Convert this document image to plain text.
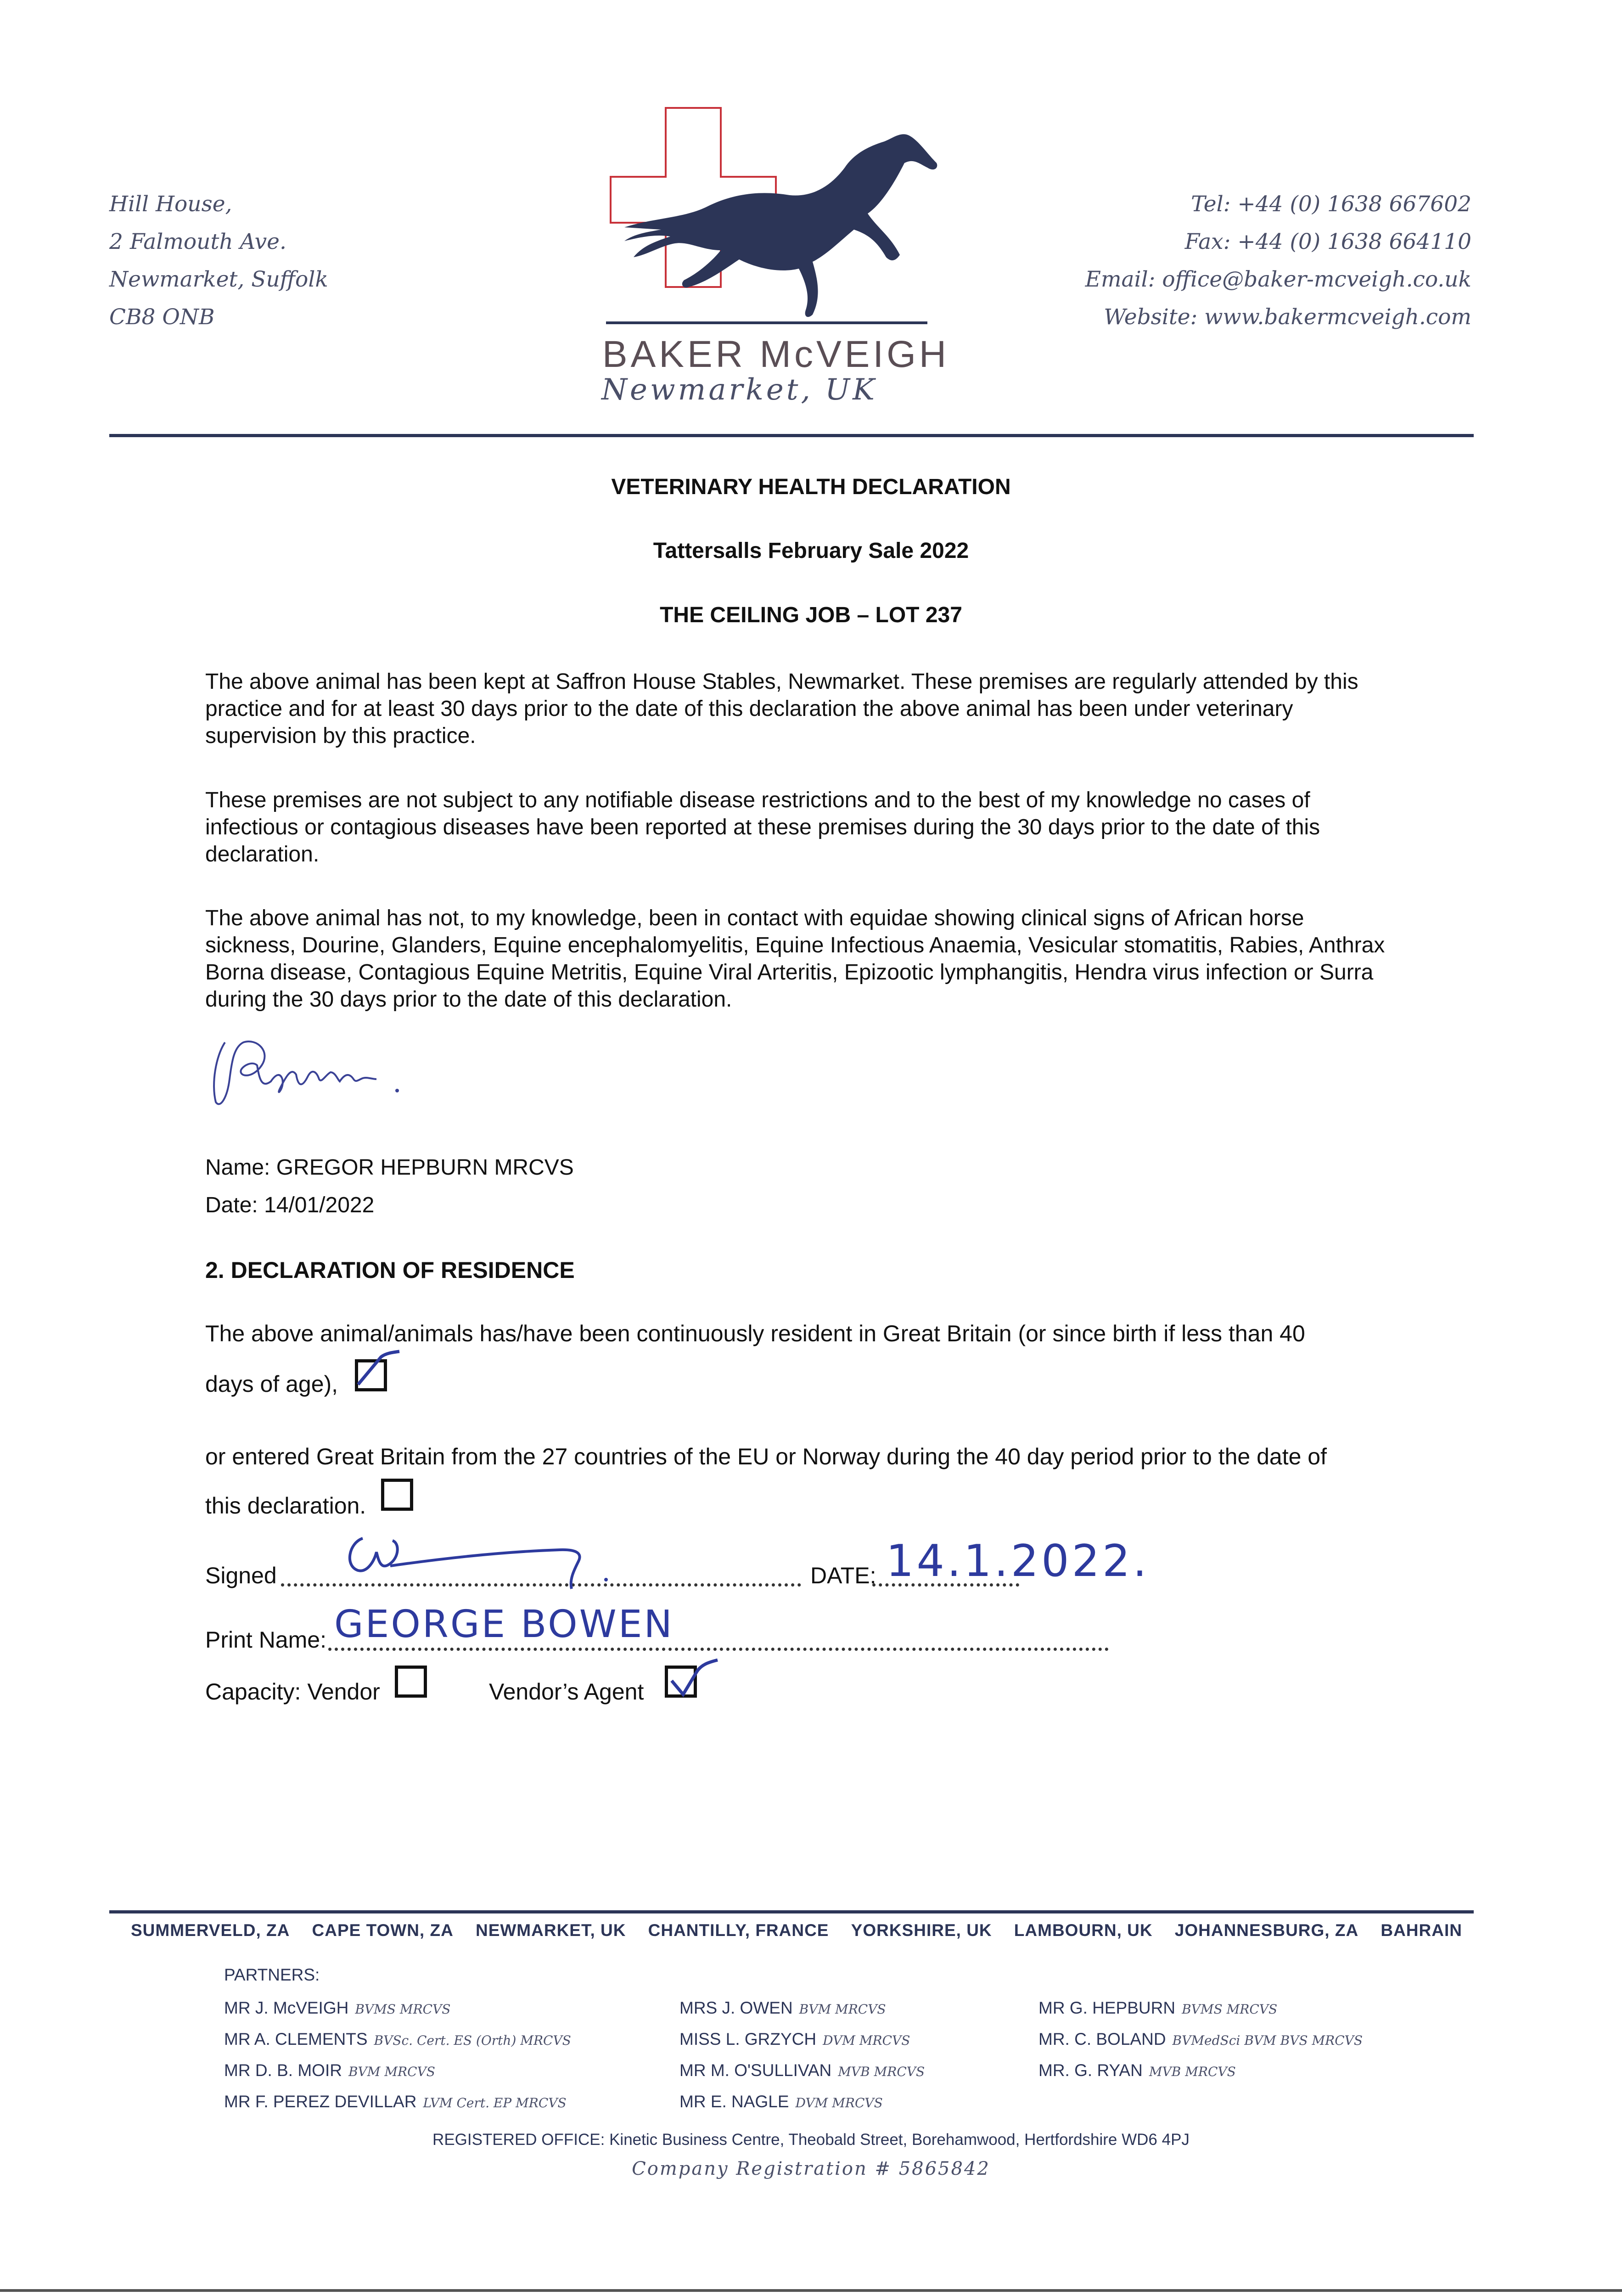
Hill House,
2 Falmouth Ave.
Newmarket, Suffolk
CB8 ONB
BAKER McVEIGH
Newmarket, UK
Tel: +44 (0) 1638 667602
Fax: +44 (0) 1638 664110
Email: office@baker-mcveigh.co.uk
Website: www.bakermcveigh.com
VETERINARY HEALTH DECLARATION
Tattersalls February Sale 2022
THE CEILING JOB – LOT 237
The above animal has been kept at Saffron House Stables, Newmarket. These premises are regularly attended by this practice and for at least 30 days prior to the date of this declaration the above animal has been under veterinary supervision by this practice.
These premises are not subject to any notifiable disease restrictions and to the best of my knowledge no cases of infectious or contagious diseases have been reported at these premises during the 30 days prior to the date of this declaration.
The above animal has not, to my knowledge, been in contact with equidae showing clinical signs of African horse sickness, Dourine, Glanders, Equine encephalomyelitis, Equine Infectious Anaemia, Vesicular stomatitis, Rabies, Anthrax Borna disease, Contagious Equine Metritis, Equine Viral Arteritis, Epizootic lymphangitis, Hendra virus infection or Surra during the 30 days prior to the date of this declaration.
Name: GREGOR HEPBURN MRCVS
Date: 14/01/2022
2. DECLARATION OF RESIDENCE
The above animal/animals has/have been continuously resident in Great Britain (or since birth if less than 40
days of age),
or entered Great Britain from the 27 countries of the EU or Norway during the 40 day period prior to the date of
this declaration.
Signed	DATE: 14.1.2022.
Print Name: GEORGE BOWEN
Capacity: Vendor	Vendor’s Agent
SUMMERVELD, ZA CAPE TOWN, ZA NEWMARKET, UK CHANTILLY, FRANCE YORKSHIRE, UK LAMBOURN, UK JOHANNESBURG, ZA BAHRAIN
PARTNERS:
MR J. McVEIGH BVMS MRCVS
MR A. CLEMENTS BVSc. Cert. ES (Orth) MRCVS
MR D. B. MOIR BVM MRCVS
MR F. PEREZ DEVILLAR LVM Cert. EP MRCVS
MRS J. OWEN BVM MRCVS
MISS L. GRZYCH DVM MRCVS
MR M. O'SULLIVAN MVB MRCVS
MR E. NAGLE DVM MRCVS
MR G. HEPBURN BVMS MRCVS
MR. C. BOLAND BVMedSci BVM BVS MRCVS
MR. G. RYAN MVB MRCVS
REGISTERED OFFICE: Kinetic Business Centre, Theobald Street, Borehamwood, Hertfordshire WD6 4PJ
Company Registration # 5865842
